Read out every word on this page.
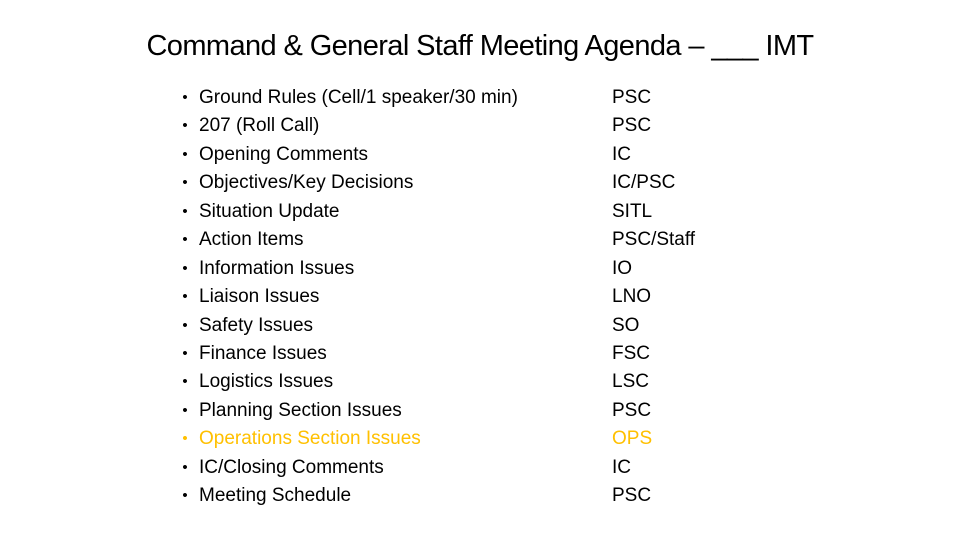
Command & General Staff Meeting Agenda – ___ IMT
• Ground Rules (Cell/1 speaker/30 min)	PSC
• 207 (Roll Call)	PSC
• Opening Comments	IC
• Objectives/Key Decisions	IC/PSC
• Situation Update	SITL
• Action Items	PSC/Staff
• Information Issues	IO
• Liaison Issues	LNO
• Safety Issues	SO
• Finance Issues	FSC
• Logistics Issues	LSC
• Planning Section Issues	PSC
• Operations Section Issues	OPS
• IC/Closing Comments	IC
• Meeting Schedule	PSC
